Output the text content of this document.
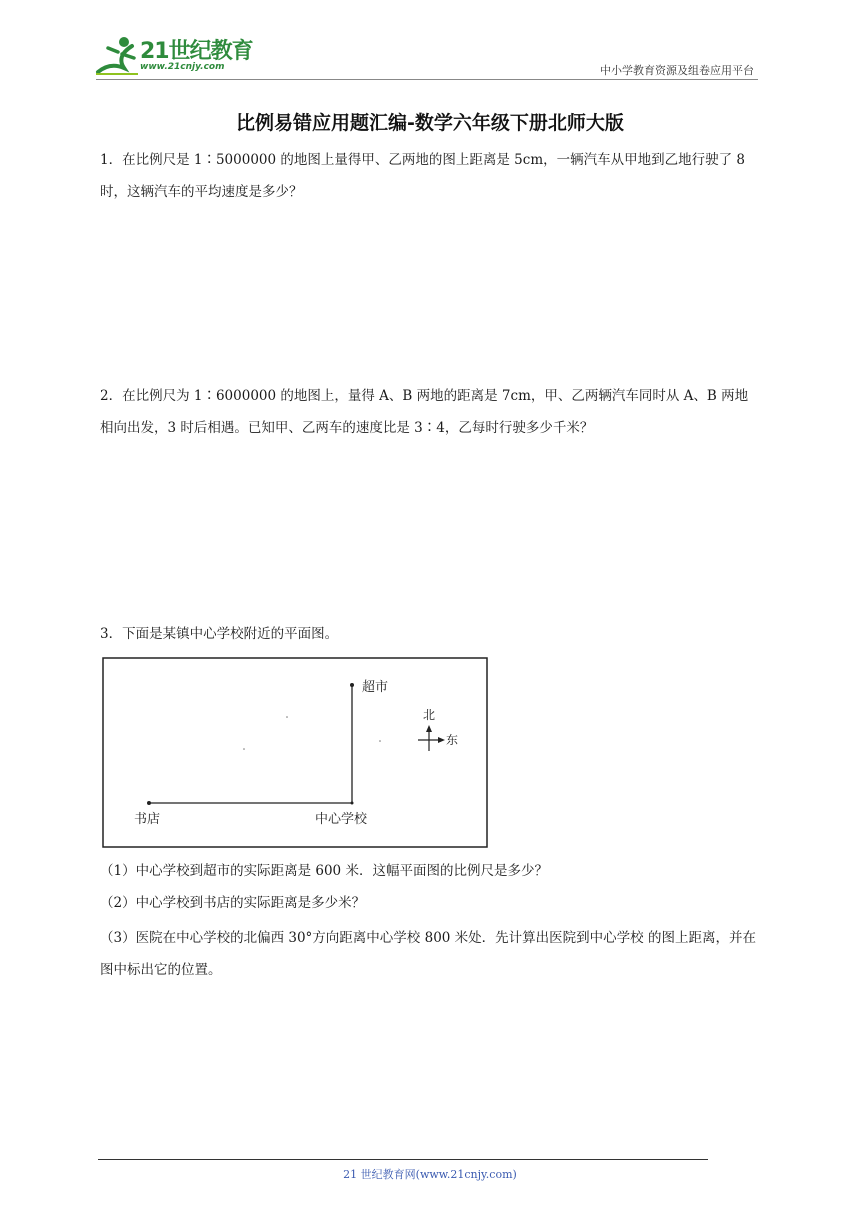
21世纪教育
www.21cnjy.com	中小学教育资源及组卷应用平台
比例易错应用题汇编-数学六年级下册北师大版
1．在比例尺是 1∶5000000 的地图上量得甲、乙两地的图上距离是 5cm，一辆汽车从甲地到乙地行驶了 8 时，这辆汽车的平均速度是多少？
2．在比例尺为 1∶6000000 的地图上，量得 A、B 两地的距离是 7cm，甲、乙两辆汽车同时从 A、B 两地相向出发，3 时后相遇。已知甲、乙两车的速度比是 3∶4，乙每时行驶多少千米？
3．下面是某镇中心学校附近的平面图。
超市
书店	中心学校
北
东
（1）中心学校到超市的实际距离是 600 米．这幅平面图的比例尺是多少？
（2）中心学校到书店的实际距离是多少米？
（3）医院在中心学校的北偏西 30°方向距离中心学校 800 米处．先计算出医院到中心学校 的图上距离，并在图中标出它的位置。
21 世纪教育网(www.21cnjy.com)
